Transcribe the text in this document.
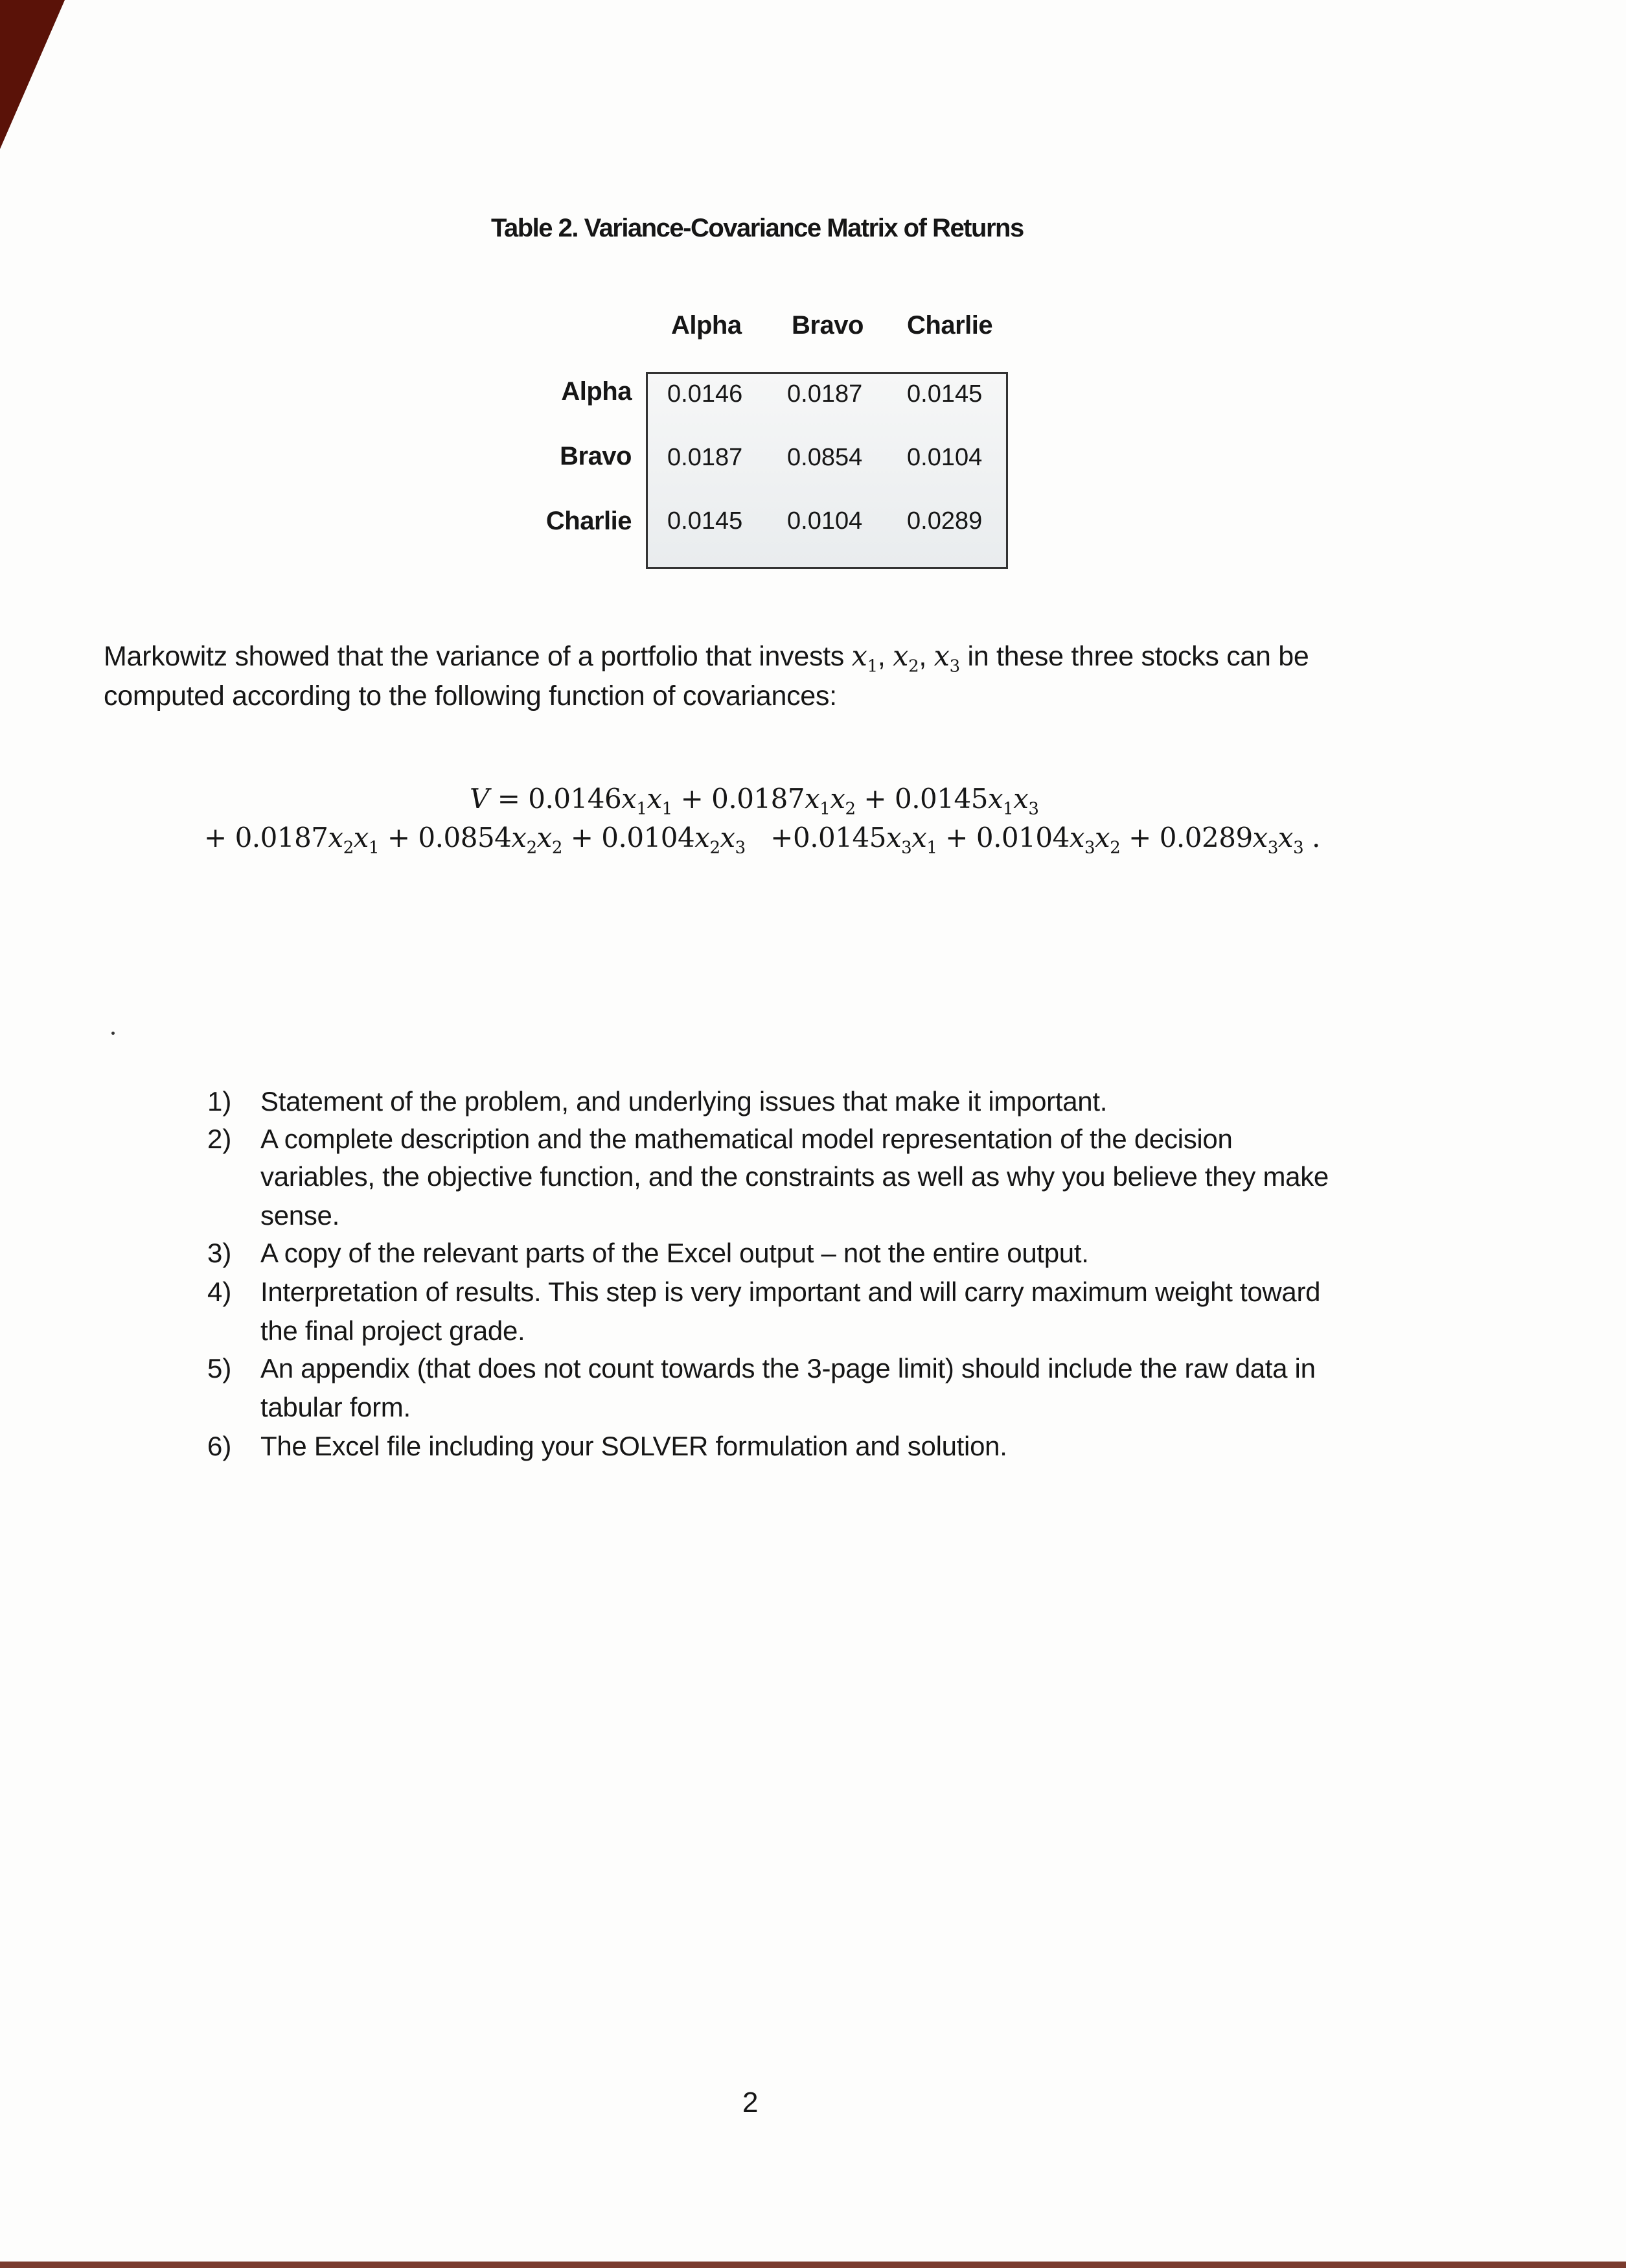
Table 2. Variance-Covariance Matrix of Returns
Alpha Bravo Charlie
Alpha
Bravo
Charlie
0.0146 0.0187 0.0145
0.0187 0.0854 0.0104
0.0145 0.0104 0.0289
Markowitz showed that the variance of a portfolio that invests $x_1$, $x_2$, $x_3$ in these three stocks can be
computed according to the following function of covariances:
$V = 0.0146x_1x_1 + 0.0187x_1x_2 + 0.0145x_1x_3$
+ $0.0187x_2x_1 + 0.0854x_2x_2 + 0.0104x_2x_3 +0.0145x_3x_1 + 0.0104x_3x_2 + 0.0289x_3x_3$ .
1) Statement of the problem, and underlying issues that make it important.
2) A complete description and the mathematical model representation of the decision
variables, the objective function, and the constraints as well as why you believe they make
sense.
3) A copy of the relevant parts of the Excel output – not the entire output.
4) Interpretation of results. This step is very important and will carry maximum weight toward
the final project grade.
5) An appendix (that does not count towards the 3-page limit) should include the raw data in
tabular form.
6) The Excel file including your SOLVER formulation and solution.
2
